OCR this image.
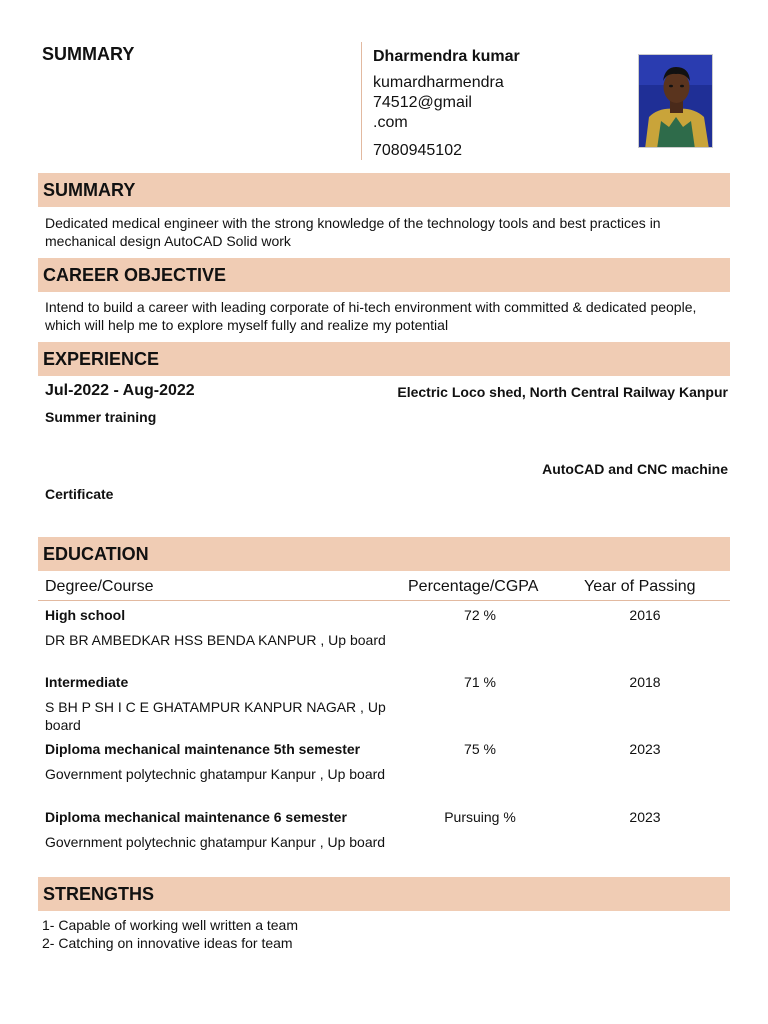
SUMMARY	Dharmendra kumar
kumardharmendra
74512@gmail
.com
7080945102
SUMMARY
Dedicated medical engineer with the strong knowledge of the technology tools and best practices in mechanical design AutoCAD Solid work
CAREER OBJECTIVE
Intend to build a career with leading corporate of hi-tech environment with committed & dedicated people, which will help me to explore myself fully and realize my potential
EXPERIENCE
Jul-2022 - Aug-2022	Electric Loco shed, North Central Railway Kanpur
Summer training
AutoCAD and CNC machine
Certificate
EDUCATION
Degree/Course	Percentage/CGPA	Year of Passing
High school	72 %	2016
DR BR AMBEDKAR HSS BENDA KANPUR , Up board
Intermediate	71 %	2018
S BH P SH I C E GHATAMPUR KANPUR NAGAR , Up board
Diploma mechanical maintenance 5th semester	75 %	2023
Government polytechnic ghatampur Kanpur , Up board
Diploma mechanical maintenance 6 semester	Pursuing %	2023
Government polytechnic ghatampur Kanpur , Up board
STRENGTHS
1- Capable of working well written a team
2- Catching on innovative ideas for team
